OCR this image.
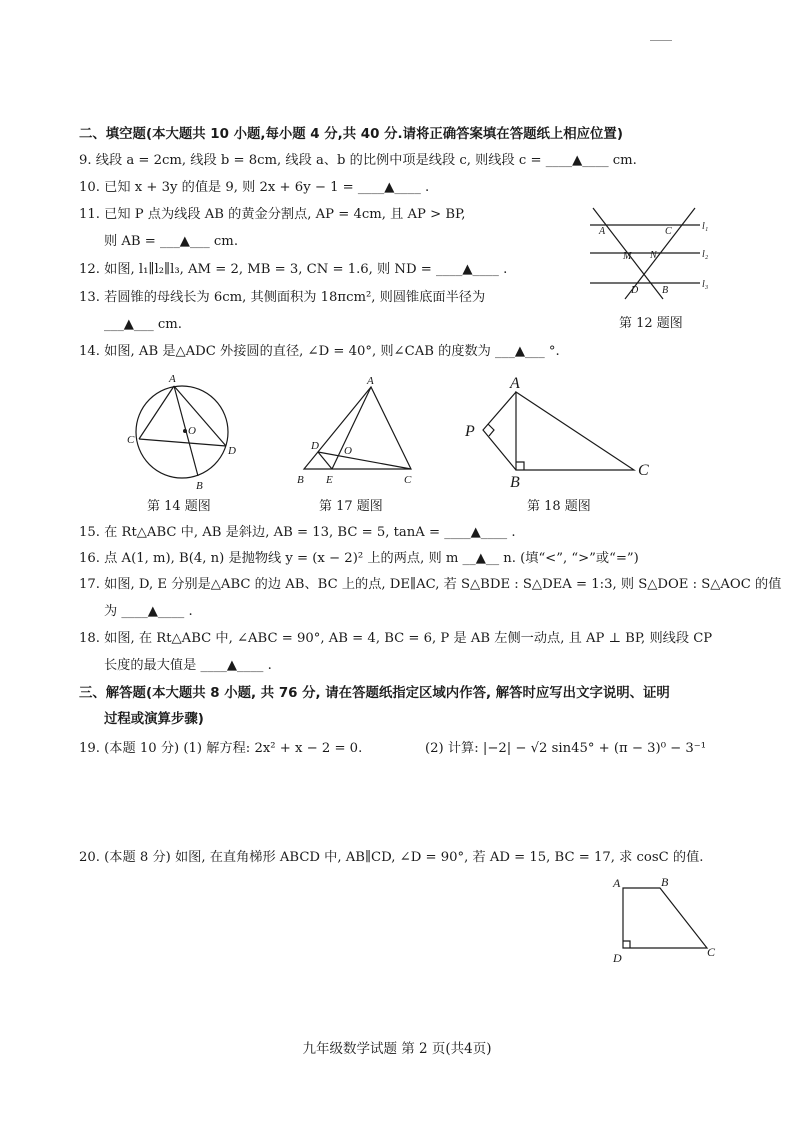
二、填空题(本大题共 10 小题,每小题 4 分,共 40 分.请将正确答案填在答题纸上相应位置)
9. 线段 a = 2cm, 线段 b = 8cm, 线段 a、b 的比例中项是线段 c, 则线段 c = ____▲____ cm.
10. 已知 x + 3y 的值是 9, 则 2x + 6y − 1 = ____▲____ .
11. 已知 P 点为线段 AB 的黄金分割点, AP = 4cm, 且 AP > BP,
则 AB = ___▲___ cm.
12. 如图, l₁∥l₂∥l₃, AM = 2, MB = 3, CN = 1.6, 则 ND = ____▲____ .
13. 若圆锥的母线长为 6cm, 其侧面积为 18πcm², 则圆锥底面半径为
___▲___ cm.
14. 如图, AB 是△ADC 外接圆的直径, ∠D = 40°, 则∠CAB 的度数为 ___▲___ °.
l₁
l₂
l₃
A	C
M N
D B
第 12 题图
A
B
C
D
O
第 14 题图
A
B	C
D
E
O
第 17 题图
A
B
C
P
第 18 题图
15. 在 Rt△ABC 中, AB 是斜边, AB = 13, BC = 5, tanA = ____▲____ .
16. 点 A(1, m), B(4, n) 是抛物线 y = (x − 2)² 上的两点, 则 m __▲__ n. (填“<”, “>”或“=”)
17. 如图, D, E 分别是△ABC 的边 AB、BC 上的点, DE∥AC, 若 S△BDE : S△DEA = 1:3, 则 S△DOE : S△AOC 的值
为 ____▲____ .
18. 如图, 在 Rt△ABC 中, ∠ABC = 90°, AB = 4, BC = 6, P 是 AB 左侧一动点, 且 AP ⊥ BP, 则线段 CP
长度的最大值是 ____▲____ .
三、解答题(本大题共 8 小题, 共 76 分, 请在答题纸指定区域内作答, 解答时应写出文字说明、证明
过程或演算步骤)
19. (本题 10 分) (1) 解方程: 2x² + x − 2 = 0.	(2) 计算: |−2| − √2 sin45° + (π − 3)⁰ − 3⁻¹
20. (本题 8 分) 如图, 在直角梯形 ABCD 中, AB∥CD, ∠D = 90°, 若 AD = 15, BC = 17, 求 cosC 的值.
A	B
C
D
九年级数学试题 第 2 页(共4页)
